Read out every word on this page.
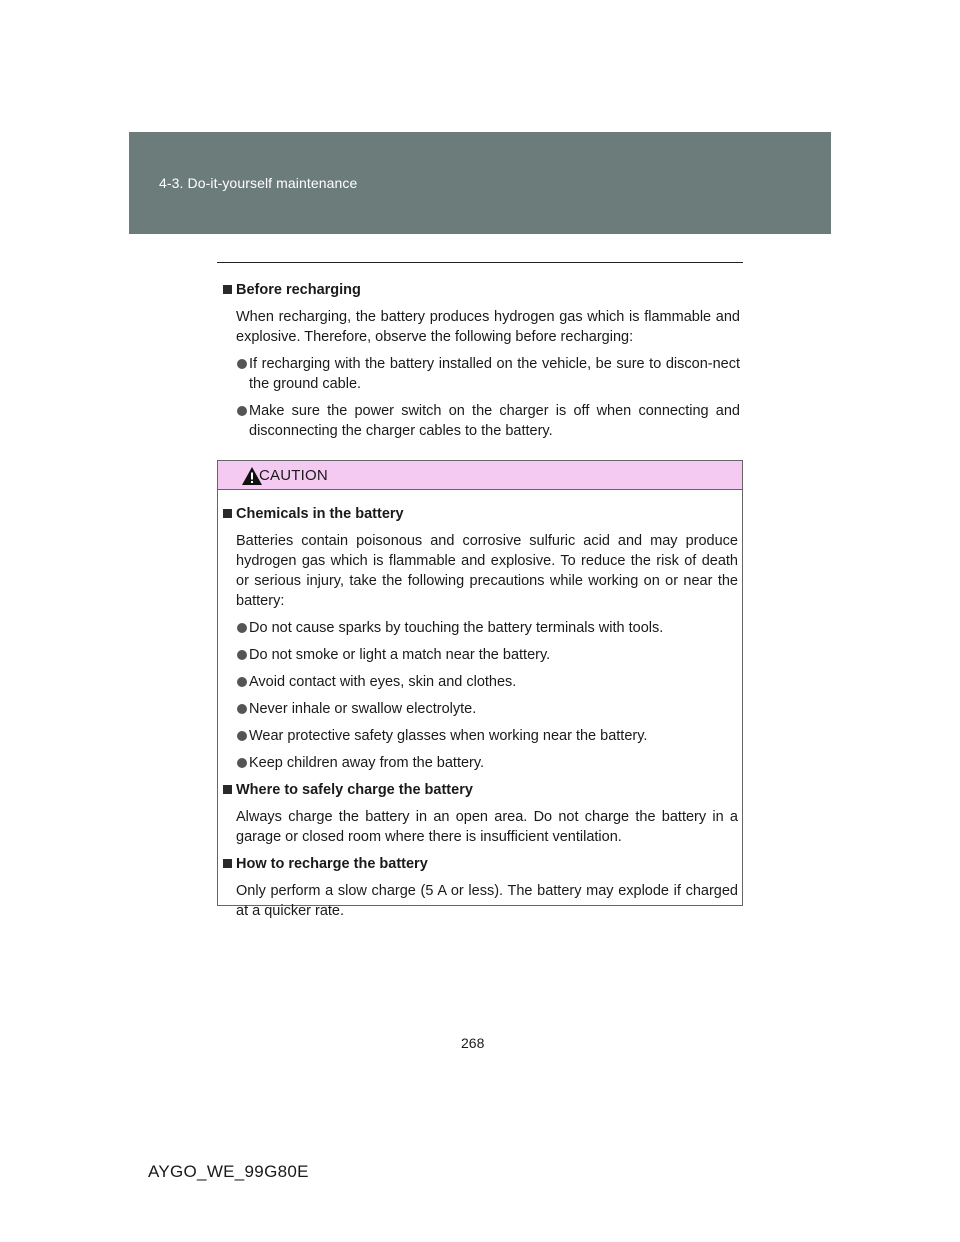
4-3. Do-it-yourself maintenance
Before recharging
When recharging, the battery produces hydrogen gas which is flammable and explosive. Therefore, observe the following before recharging:
If recharging with the battery installed on the vehicle, be sure to discon-nect the ground cable.
Make sure the power switch on the charger is off when connecting and disconnecting the charger cables to the battery.
CAUTION
Chemicals in the battery
Batteries contain poisonous and corrosive sulfuric acid and may produce hydrogen gas which is flammable and explosive. To reduce the risk of death or serious injury, take the following precautions while working on or near the battery:
Do not cause sparks by touching the battery terminals with tools.
Do not smoke or light a match near the battery.
Avoid contact with eyes, skin and clothes.
Never inhale or swallow electrolyte.
Wear protective safety glasses when working near the battery.
Keep children away from the battery.
Where to safely charge the battery
Always charge the battery in an open area. Do not charge the battery in a garage or closed room where there is insufficient ventilation.
How to recharge the battery
Only perform a slow charge (5 A or less). The battery may explode if charged at a quicker rate.
268
AYGO_WE_99G80E
